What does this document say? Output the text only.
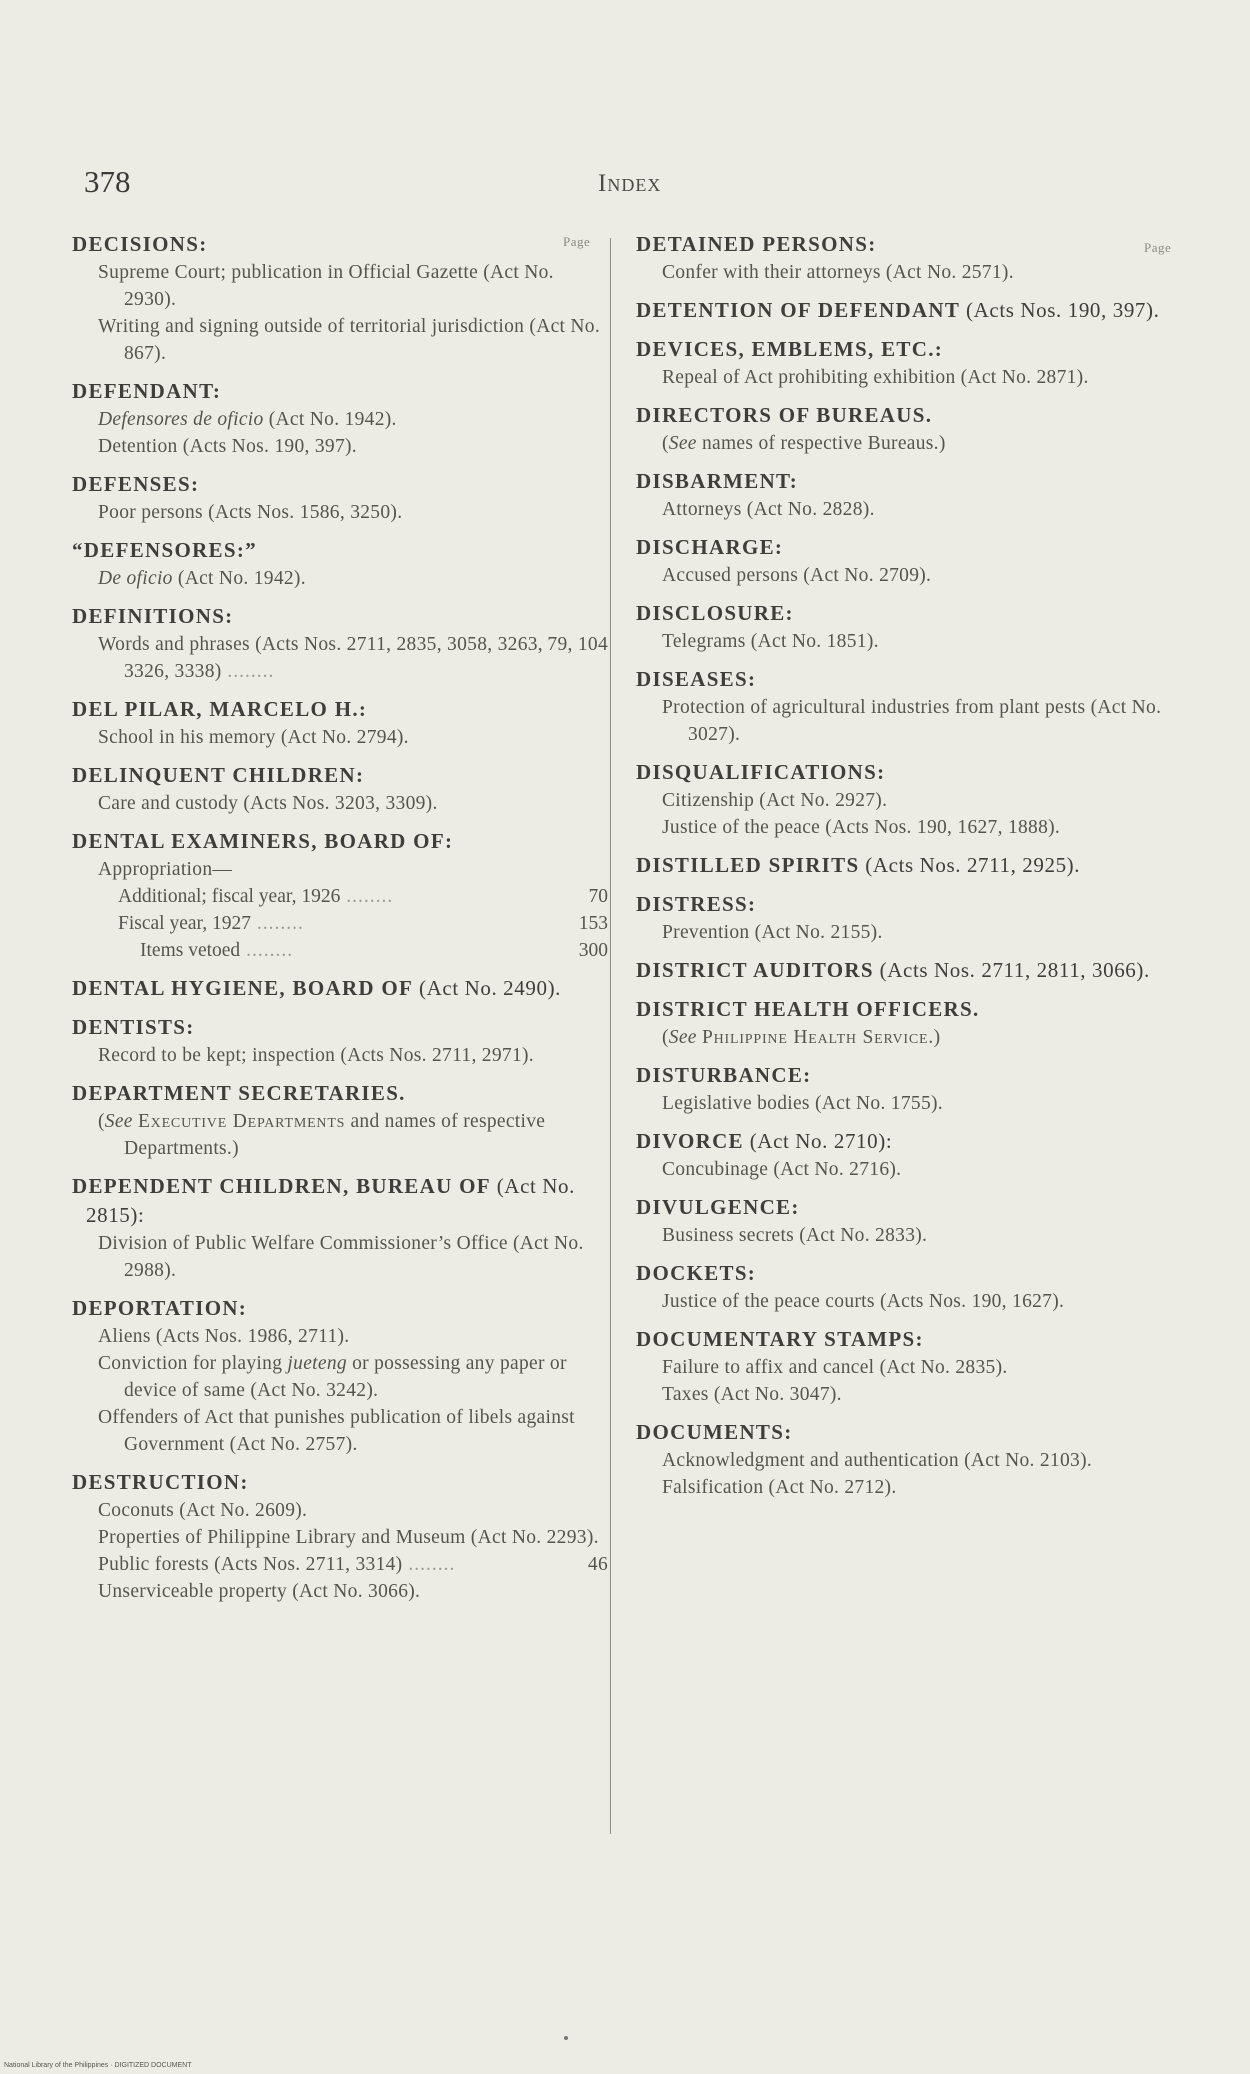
378	Index
Page	Page
DECISIONS:
Supreme Court; publication in Official Gazette (Act No. 2930).
Writing and signing outside of territorial jurisdiction (Act No. 867).
DEFENDANT:
Defensores de oficio (Act No. 1942).
Detention (Acts Nos. 190, 397).
DEFENSES:
Poor persons (Acts Nos. 1586, 3250).
“DEFENSORES:”
De oficio (Act No. 1942).
DEFINITIONS:
79, 104
Words and phrases (Acts Nos. 2711, 2835, 3058, 3263, 3326, 3338) ........
DEL PILAR, MARCELO H.:
School in his memory (Act No. 2794).
DELINQUENT CHILDREN:
Care and custody (Acts Nos. 3203, 3309).
DENTAL EXAMINERS, BOARD OF:
Appropriation—
70
Additional; fiscal year, 1926 ........
153
Fiscal year, 1927 ........
300
Items vetoed ........
DENTAL HYGIENE, BOARD OF (Act No. 2490).
DENTISTS:
Record to be kept; inspection (Acts Nos. 2711, 2971).
DEPARTMENT SECRETARIES.
(See Executive Departments and names of respective Departments.)
DEPENDENT CHILDREN, BUREAU OF (Act No. 2815):
Division of Public Welfare Commissioner’s Office (Act No. 2988).
DEPORTATION:
Aliens (Acts Nos. 1986, 2711).
Conviction for playing jueteng or possessing any paper or device of same (Act No. 3242).
Offenders of Act that punishes publication of libels against Government (Act No. 2757).
DESTRUCTION:
Coconuts (Act No. 2609).
Properties of Philippine Library and Museum (Act No. 2293).
46
Public forests (Acts Nos. 2711, 3314) ........
Unserviceable property (Act No. 3066).
DETAINED PERSONS:
Confer with their attorneys (Act No. 2571).
DETENTION OF DEFENDANT (Acts Nos. 190, 397).
DEVICES, EMBLEMS, ETC.:
Repeal of Act prohibiting exhibition (Act No. 2871).
DIRECTORS OF BUREAUS.
(See names of respective Bureaus.)
DISBARMENT:
Attorneys (Act No. 2828).
DISCHARGE:
Accused persons (Act No. 2709).
DISCLOSURE:
Telegrams (Act No. 1851).
DISEASES:
Protection of agricultural industries from plant pests (Act No. 3027).
DISQUALIFICATIONS:
Citizenship (Act No. 2927).
Justice of the peace (Acts Nos. 190, 1627, 1888).
DISTILLED SPIRITS (Acts Nos. 2711, 2925).
DISTRESS:
Prevention (Act No. 2155).
DISTRICT AUDITORS (Acts Nos. 2711, 2811, 3066).
DISTRICT HEALTH OFFICERS.
(See Philippine Health Service.)
DISTURBANCE:
Legislative bodies (Act No. 1755).
DIVORCE (Act No. 2710):
Concubinage (Act No. 2716).
DIVULGENCE:
Business secrets (Act No. 2833).
DOCKETS:
Justice of the peace courts (Acts Nos. 190, 1627).
DOCUMENTARY STAMPS:
Failure to affix and cancel (Act No. 2835).
Taxes (Act No. 3047).
DOCUMENTS:
Acknowledgment and authentication (Act No. 2103).
Falsification (Act No. 2712).
National Library of the Philippines · DIGITIZED DOCUMENT
